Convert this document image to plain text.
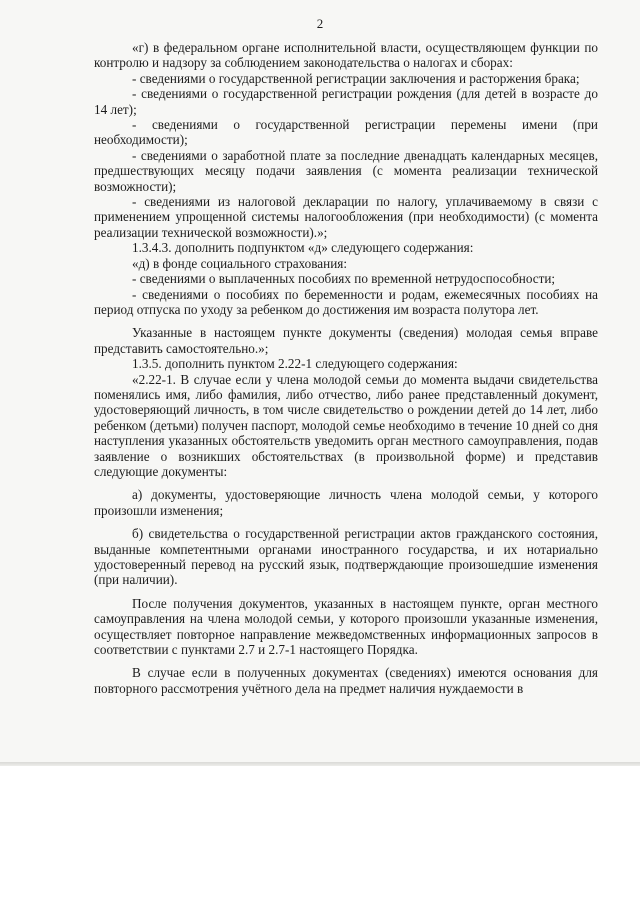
2

«г) в федеральном органе исполнительной власти, осуществляющем функции по контролю и надзору за соблюдением законодательства о налогах и сборах:

- сведениями о государственной регистрации заключения и расторжения брака;

- сведениями о государственной регистрации рождения (для детей в возрасте до 14 лет);

- сведениями о государственной регистрации перемены имени (при необходимости);

- сведениями о заработной плате за последние двенадцать календарных месяцев, предшествующих месяцу подачи заявления (с момента реализации технической возможности);

- сведениями из налоговой декларации по налогу, уплачиваемому в связи с применением упрощенной системы налогообложения (при необходимости) (с момента реализации технической возможности).»;

1.3.4.3. дополнить подпунктом «д» следующего содержания:

«д) в фонде социального страхования:

- сведениями о выплаченных пособиях по временной нетрудоспособности;

- сведениями о пособиях по беременности и родам, ежемесячных пособиях на период отпуска по уходу за ребенком до достижения им возраста полутора лет.

Указанные в настоящем пункте документы (сведения) молодая семья вправе представить самостоятельно.»;

1.3.5. дополнить пунктом 2.22-1 следующего содержания:

«2.22-1. В случае если у члена молодой семьи до момента выдачи свидетельства поменялись имя, либо фамилия, либо отчество, либо ранее представленный документ, удостоверяющий личность, в том числе свидетельство о рождении детей до 14 лет, либо ребенком (детьми) получен паспорт, молодой семье необходимо в течение 10 дней со дня наступления указанных обстоятельств уведомить орган местного самоуправления, подав заявление о возникших обстоятельствах (в произвольной форме) и представив следующие документы:

а) документы, удостоверяющие личность члена молодой семьи, у которого произошли изменения;

б) свидетельства о государственной регистрации актов гражданского состояния, выданные компетентными органами иностранного государства, и их нотариально удостоверенный перевод на русский язык, подтверждающие произошедшие изменения (при наличии).

После получения документов, указанных в настоящем пункте, орган местного самоуправления на члена молодой семьи, у которого произошли указанные изменения, осуществляет повторное направление межведомственных информационных запросов в соответствии с пунктами 2.7 и 2.7-1 настоящего Порядка.

В случае если в полученных документах (сведениях) имеются основания для повторного рассмотрения учётного дела на предмет наличия нуждаемости в
